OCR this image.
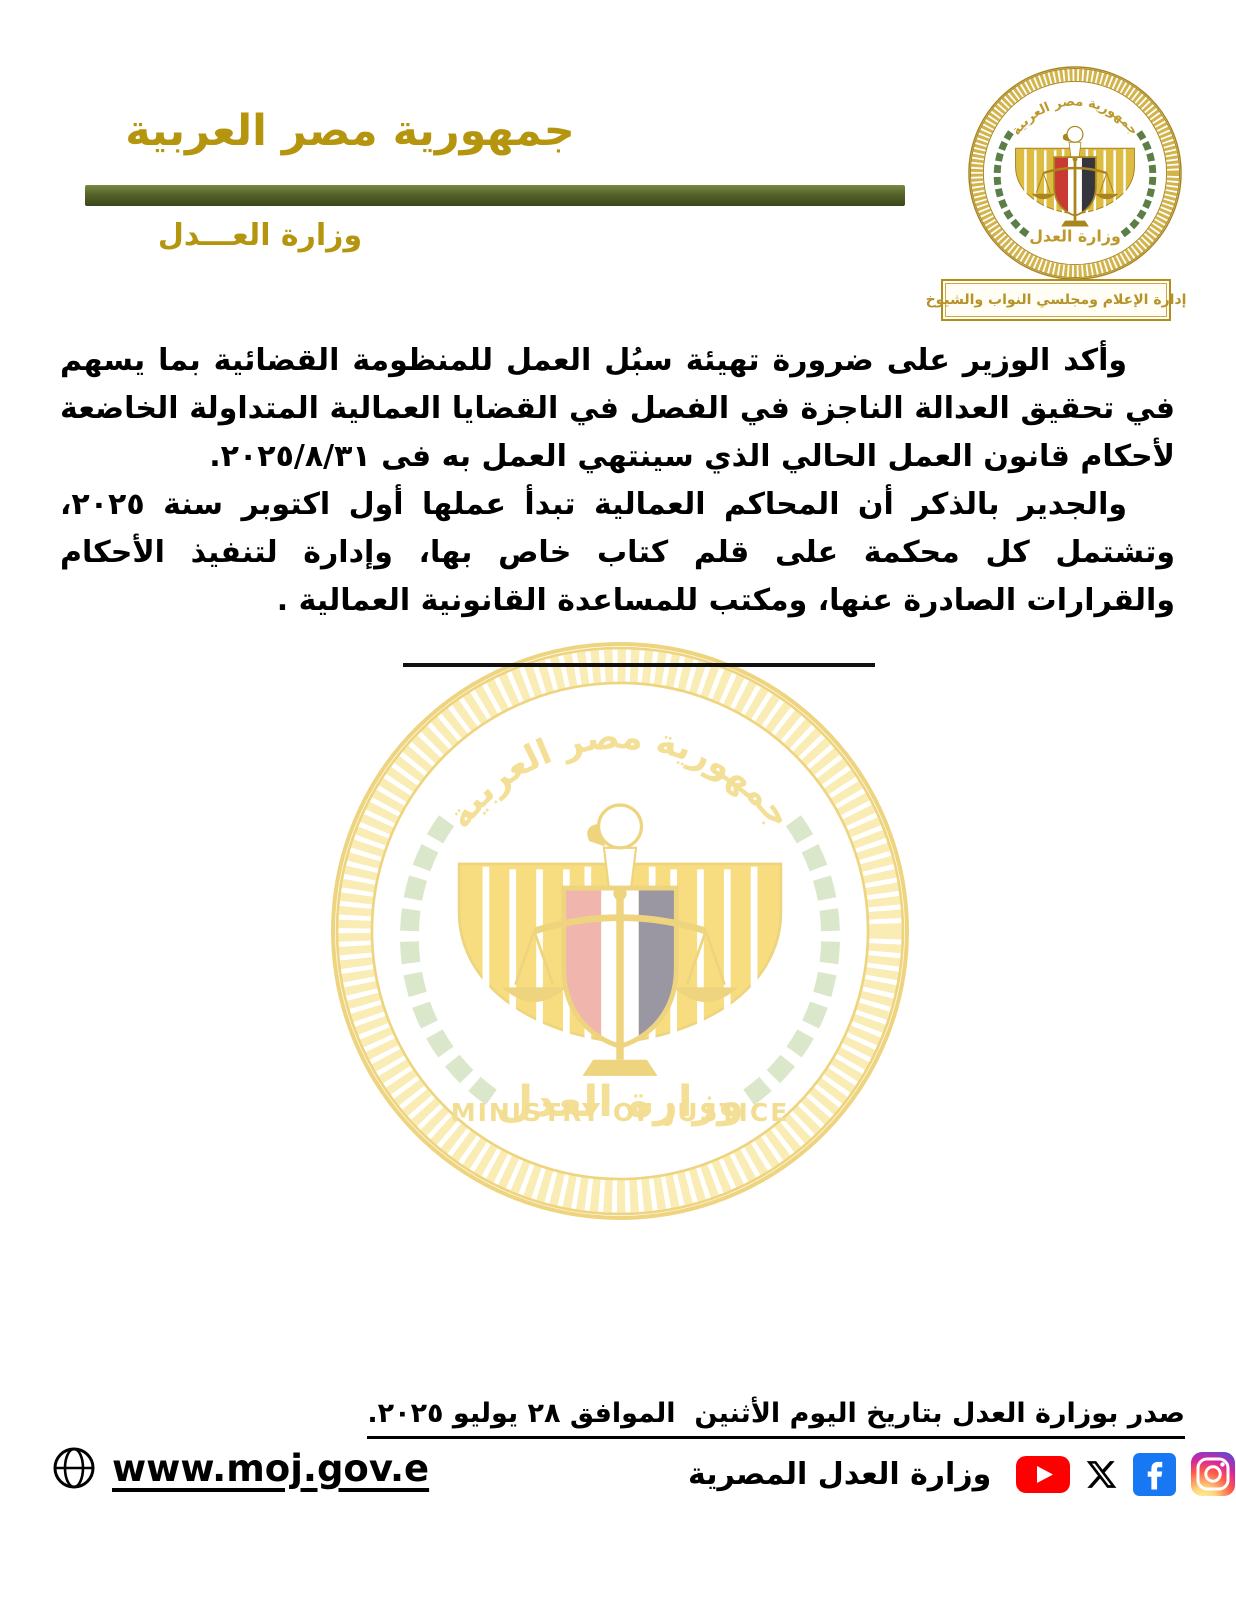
MINISTRY OF JUSTICE
جمهورية مصر العربية
وزارة العـــدل
إدارة الإعلام ومجلسي النواب والشيوخ

وأكد الوزير على ضرورة تهيئة سبُل العمل للمنظومة القضائية بما يسهم في تحقيق العدالة الناجزة في الفصل في القضايا العمالية المتداولة الخاضعة لأحكام قانون العمل الحالي الذي سينتهي العمل به فى ٢٠٢٥/٨/٣١.

والجدير بالذكر أن المحاكم العمالية تبدأ عملها أول اكتوبر سنة ٢٠٢٥، وتشتمل كل محكمة على قلم كتاب خاص بها، وإدارة لتنفيذ الأحكام والقرارات الصادرة عنها، ومكتب للمساعدة القانونية العمالية .

صدر بوزارة العدل بتاريخ اليوم الأثنين  الموافق ٢٨ يوليو ٢٠٢٥.
www.moj.gov.e	وزارة العدل المصرية
